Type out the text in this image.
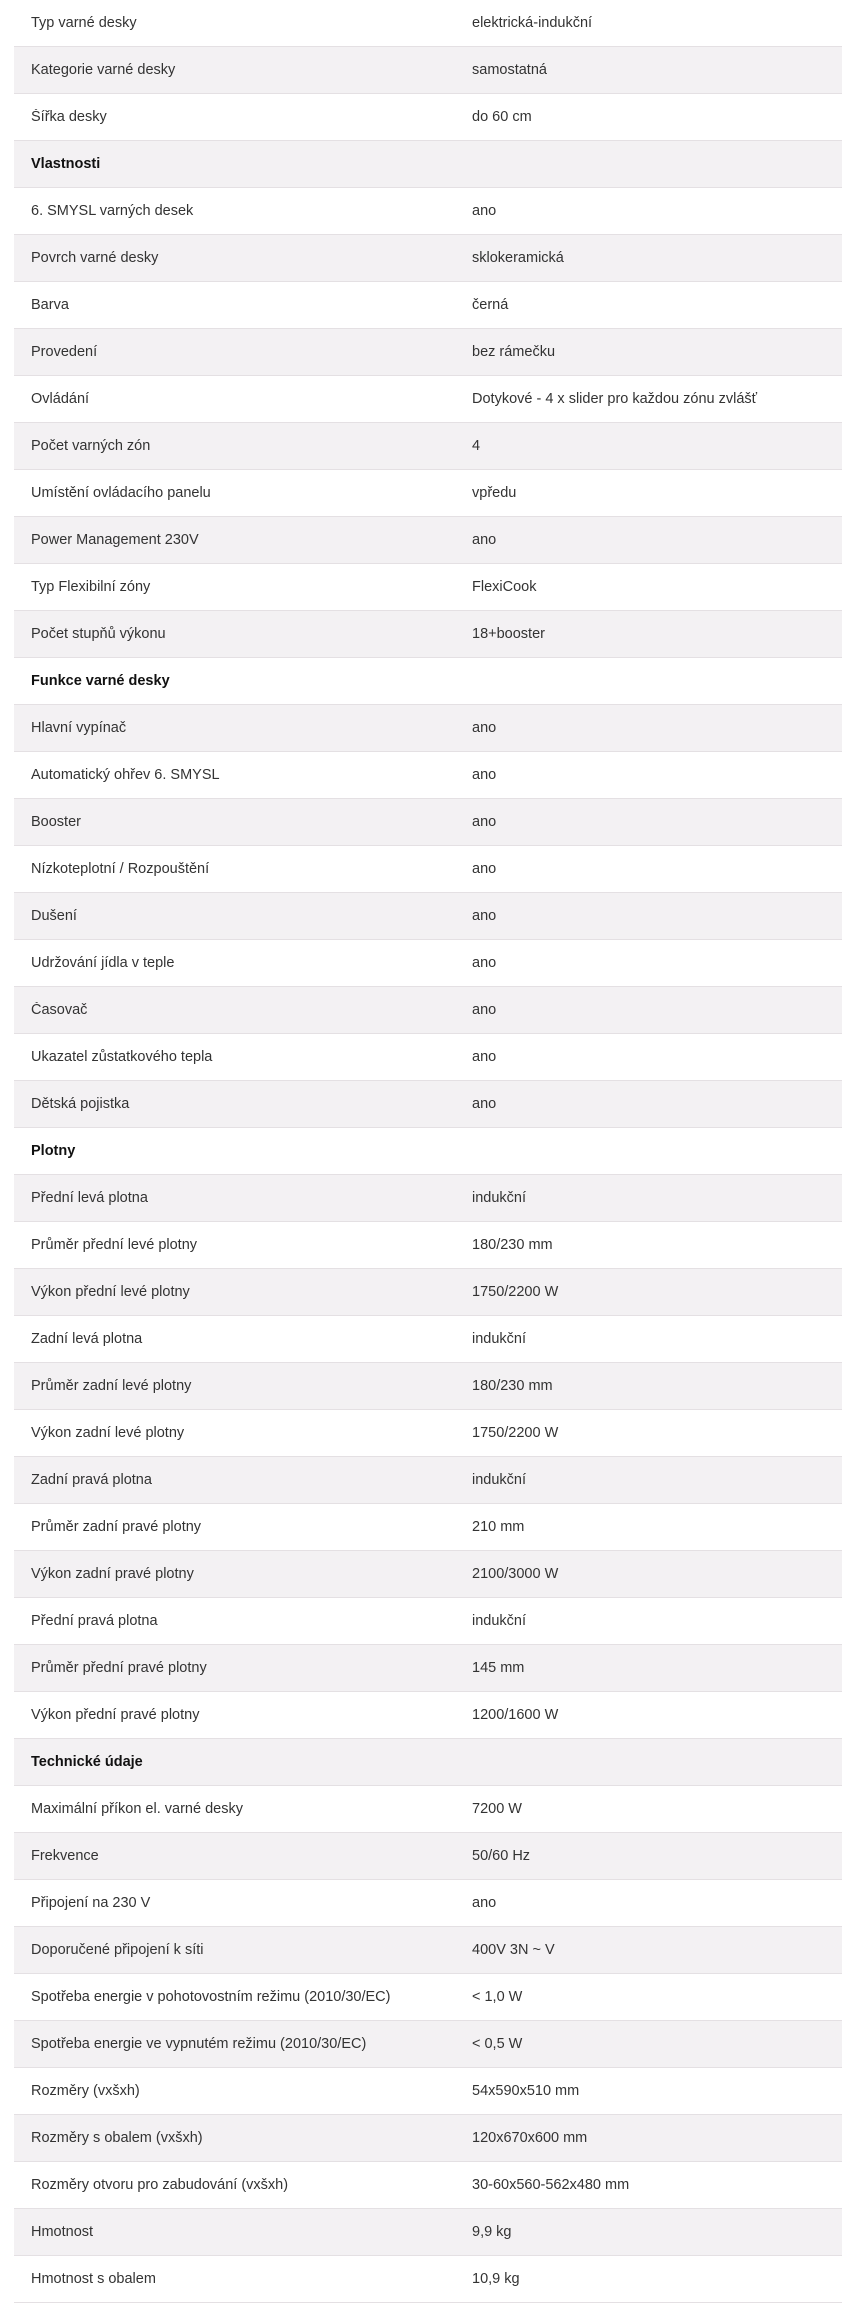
Typ varné desky	elektrická-indukční
Kategorie varné desky	samostatná
Šířka desky	do 60 cm
Vlastnosti
6. SMYSL varných desek	ano
Povrch varné desky	sklokeramická
Barva	černá
Provedení	bez rámečku
Ovládání	Dotykové - 4 x slider pro každou zónu zvlášť
Počet varných zón	4
Umístění ovládacího panelu	vpředu
Power Management 230V	ano
Typ Flexibilní zóny	FlexiCook
Počet stupňů výkonu	18+booster
Funkce varné desky
Hlavní vypínač	ano
Automatický ohřev 6. SMYSL	ano
Booster	ano
Nízkoteplotní / Rozpouštění	ano
Dušení	ano
Udržování jídla v teple	ano
Časovač	ano
Ukazatel zůstatkového tepla	ano
Dětská pojistka	ano
Plotny
Přední levá plotna	indukční
Průměr přední levé plotny	180/230 mm
Výkon přední levé plotny	1750/2200 W
Zadní levá plotna	indukční
Průměr zadní levé plotny	180/230 mm
Výkon zadní levé plotny	1750/2200 W
Zadní pravá plotna	indukční
Průměr zadní pravé plotny	210 mm
Výkon zadní pravé plotny	2100/3000 W
Přední pravá plotna	indukční
Průměr přední pravé plotny	145 mm
Výkon přední pravé plotny	1200/1600 W
Technické údaje
Maximální příkon el. varné desky	7200 W
Frekvence	50/60 Hz
Připojení na 230 V	ano
Doporučené připojení k síti	400V 3N ~ V
Spotřeba energie v pohotovostním režimu (2010/30/EC)	< 1,0 W
Spotřeba energie ve vypnutém režimu (2010/30/EC)	< 0,5 W
Rozměry (vxšxh)	54x590x510 mm
Rozměry s obalem (vxšxh)	120x670x600 mm
Rozměry otvoru pro zabudování (vxšxh)	30-60x560-562x480 mm
Hmotnost	9,9 kg
Hmotnost s obalem	10,9 kg
